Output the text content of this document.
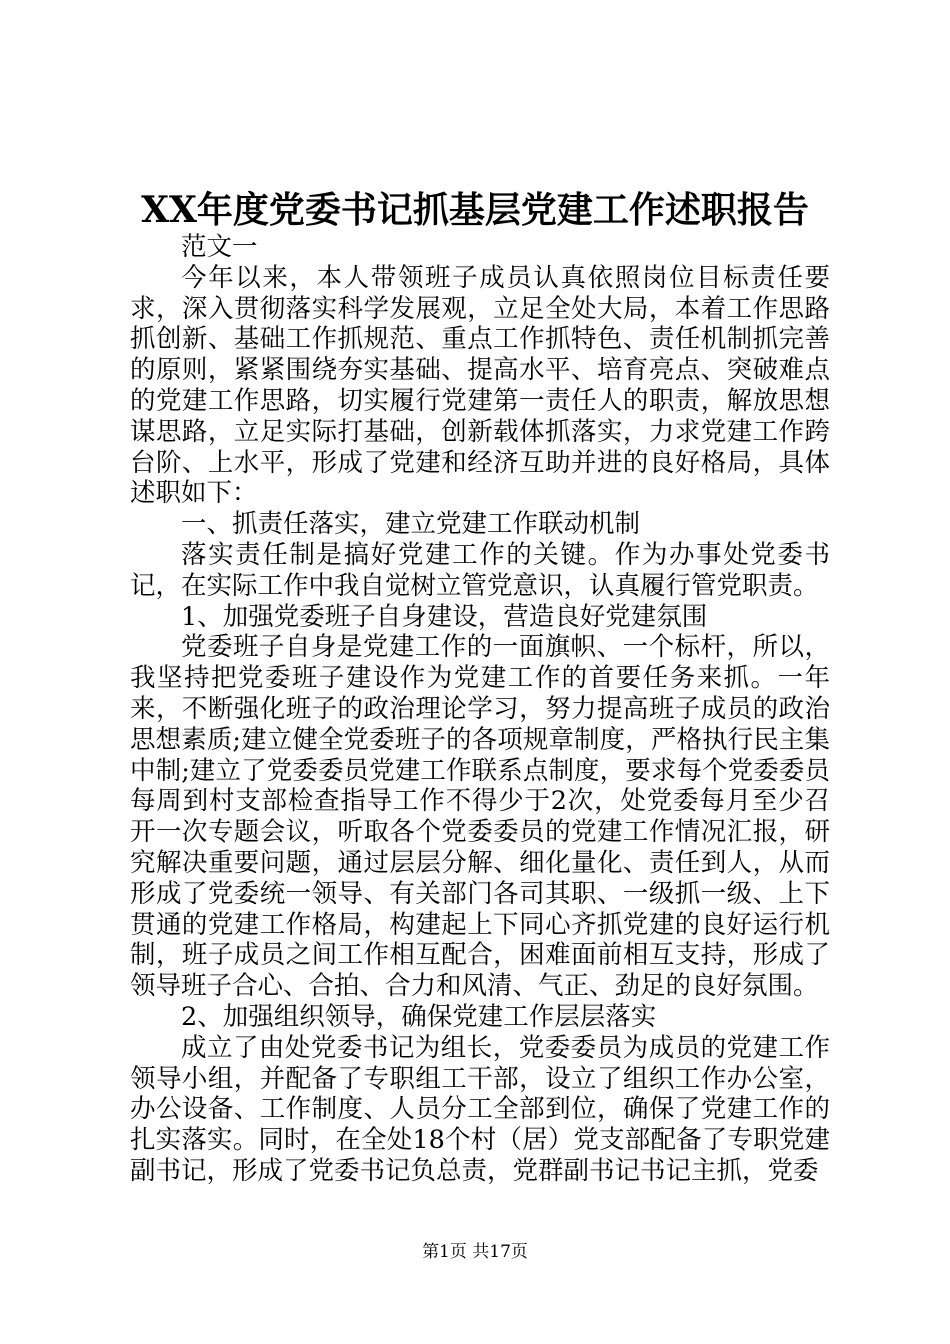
XX年度党委书记抓基层党建工作述职报告

范文一

今年以来，本人带领班子成员认真依照岗位目标责任要求，深入贯彻落实科学发展观，立足全处大局，本着工作思路抓创新、基础工作抓规范、重点工作抓特色、责任机制抓完善的原则，紧紧围绕夯实基础、提高水平、培育亮点、突破难点的党建工作思路，切实履行党建第一责任人的职责，解放思想谋思路，立足实际打基础，创新载体抓落实，力求党建工作跨台阶、上水平，形成了党建和经济互助并进的良好格局，具体述职如下：

一、抓责任落实，建立党建工作联动机制

落实责任制是搞好党建工作的关键。作为办事处党委书记，在实际工作中我自觉树立管党意识，认真履行管党职责。

1、加强党委班子自身建设，营造良好党建氛围

党委班子自身是党建工作的一面旗帜、一个标杆，所以，我坚持把党委班子建设作为党建工作的首要任务来抓。一年来，不断强化班子的政治理论学习，努力提高班子成员的政治思想素质;建立健全党委班子的各项规章制度，严格执行民主集中制;建立了党委委员党建工作联系点制度，要求每个党委委员每周到村支部检查指导工作不得少于2次，处党委每月至少召开一次专题会议，听取各个党委委员的党建工作情况汇报，研究解决重要问题，通过层层分解、细化量化、责任到人，从而形成了党委统一领导、有关部门各司其职、一级抓一级、上下贯通的党建工作格局，构建起上下同心齐抓党建的良好运行机制，班子成员之间工作相互配合，困难面前相互支持，形成了领导班子合心、合拍、合力和风清、气正、劲足的良好氛围。

2、加强组织领导，确保党建工作层层落实

成立了由处党委书记为组长，党委委员为成员的党建工作领导小组，并配备了专职组工干部，设立了组织工作办公室，办公设备、工作制度、人员分工全部到位，确保了党建工作的扎实落实。同时，在全处18个村（居）党支部配备了专职党建副书记，形成了党委书记负总责，党群副书记书记主抓，党委

第1页 共17页
